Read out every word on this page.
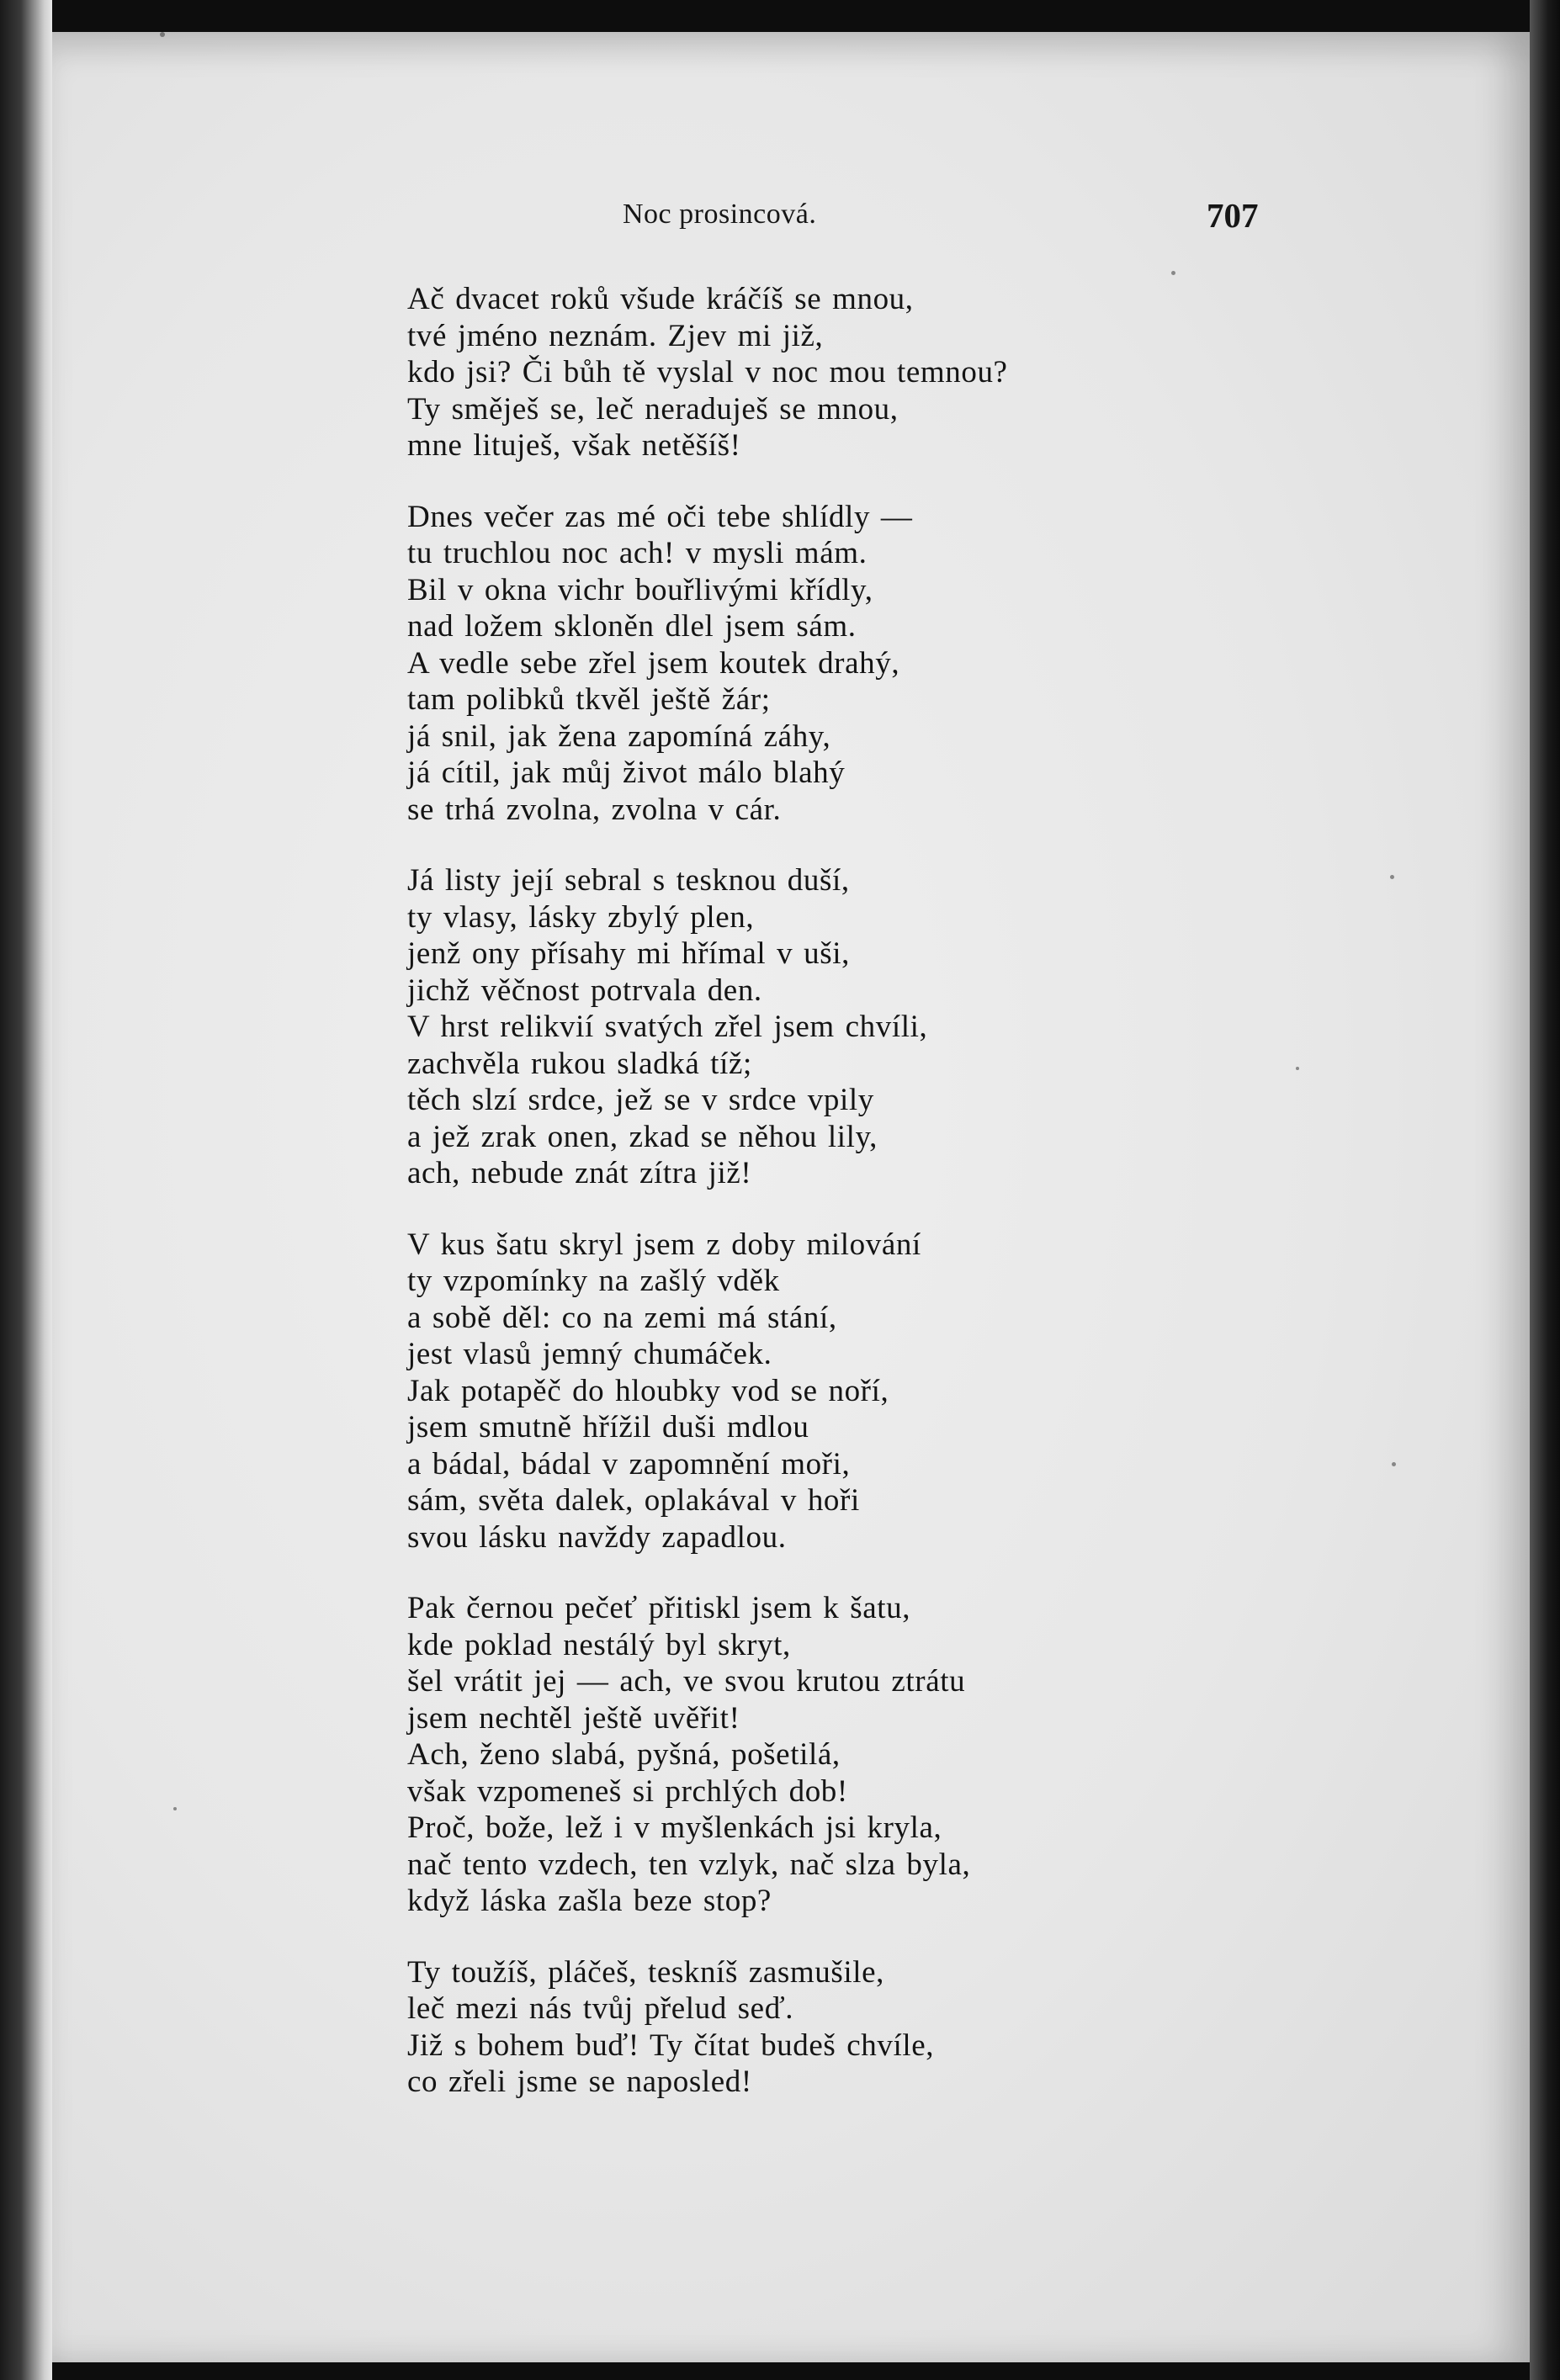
Noc prosincová.	707
Ač dvacet roků všude kráčíš se mnou,
tvé jméno neznám. Zjev mi již,
kdo jsi? Či bůh tě vyslal v noc mou temnou?
Ty směješ se, leč neraduješ se mnou,
mne lituješ, však netěšíš!
Dnes večer zas mé oči tebe shlídly —
tu truchlou noc ach! v mysli mám.
Bil v okna vichr bouřlivými křídly,
nad ložem skloněn dlel jsem sám.
A vedle sebe zřel jsem koutek drahý,
tam polibků tkvěl ještě žár;
já snil, jak žena zapomíná záhy,
já cítil, jak můj život málo blahý
se trhá zvolna, zvolna v cár.
Já listy její sebral s tesknou duší,
ty vlasy, lásky zbylý plen,
jenž ony přísahy mi hřímal v uši,
jichž věčnost potrvala den.
V hrst relikvií svatých zřel jsem chvíli,
zachvěla rukou sladká tíž;
těch slzí srdce, jež se v srdce vpily
a jež zrak onen, zkad se něhou lily,
ach, nebude znát zítra již!
V kus šatu skryl jsem z doby milování
ty vzpomínky na zašlý vděk
a sobě děl: co na zemi má stání,
jest vlasů jemný chumáček.
Jak potapěč do hloubky vod se noří,
jsem smutně hřížil duši mdlou
a bádal, bádal v zapomnění moři,
sám, světa dalek, oplakával v hoři
svou lásku navždy zapadlou.
Pak černou pečeť přitiskl jsem k šatu,
kde poklad nestálý byl skryt,
šel vrátit jej — ach, ve svou krutou ztrátu
jsem nechtěl ještě uvěřit!
Ach, ženo slabá, pyšná, pošetilá,
však vzpomeneš si prchlých dob!
Proč, bože, lež i v myšlenkách jsi kryla,
nač tento vzdech, ten vzlyk, nač slza byla,
když láska zašla beze stop?
Ty toužíš, pláčeš, teskníš zasmušile,
leč mezi nás tvůj přelud seď.
Již s bohem buď! Ty čítat budeš chvíle,
co zřeli jsme se naposled!
